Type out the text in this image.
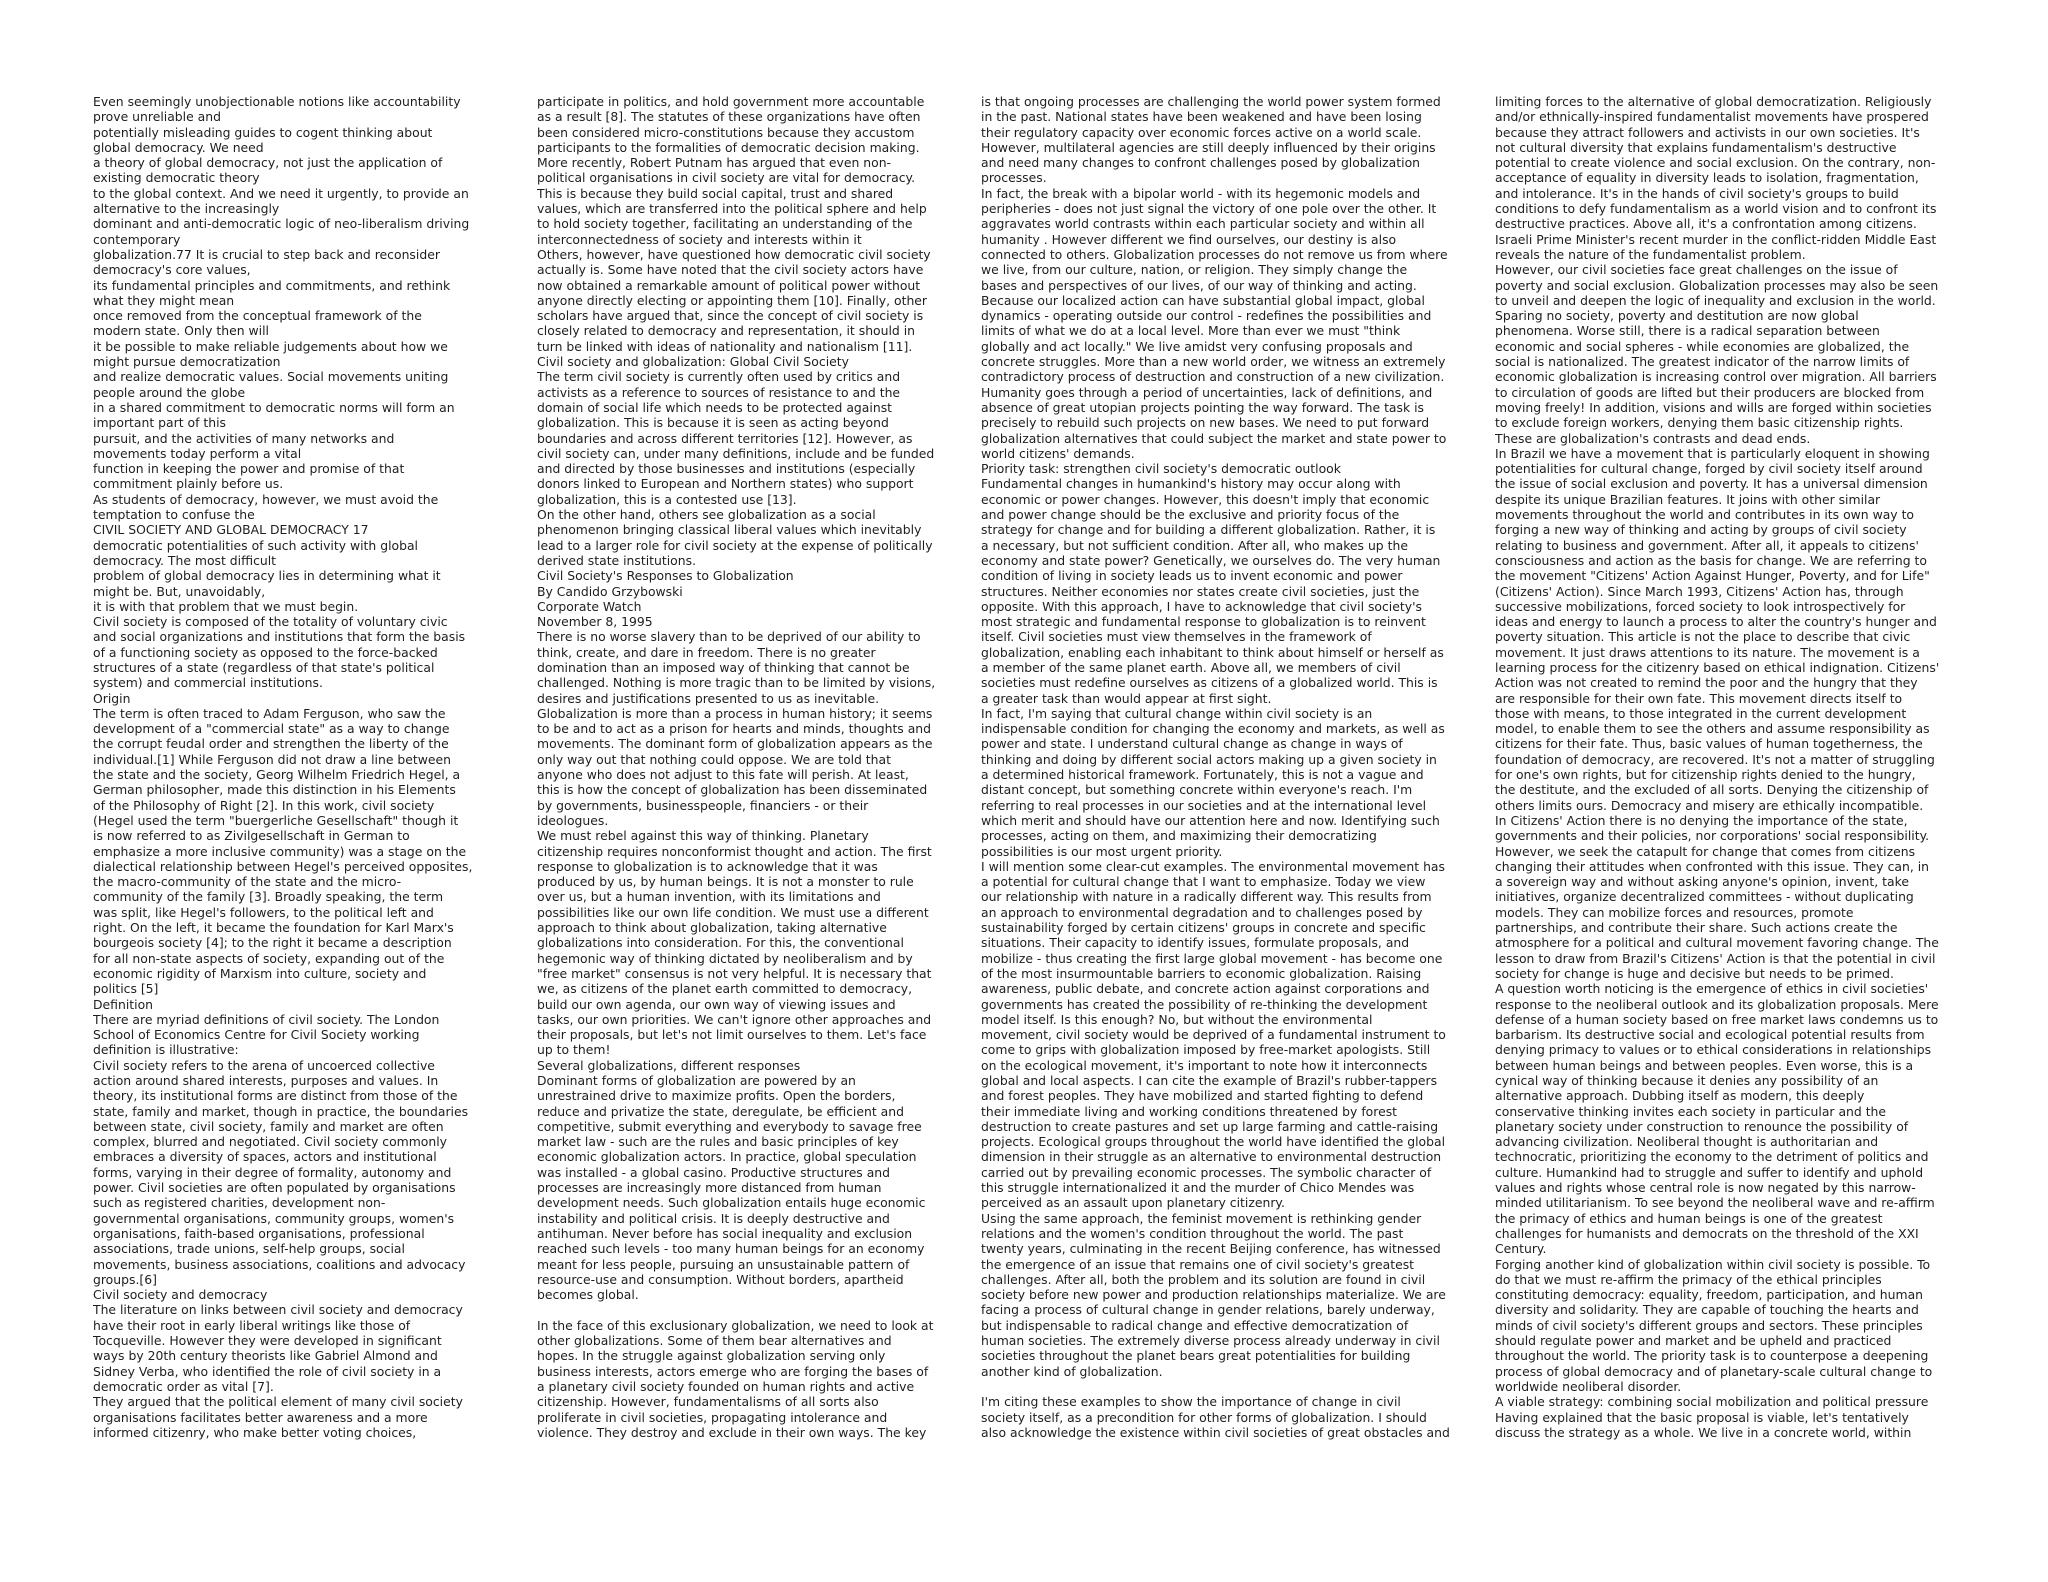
Even seemingly unobjectionable notions like accountability
prove unreliable and
potentially misleading guides to cogent thinking about
global democracy. We need
a theory of global democracy, not just the application of
existing democratic theory
to the global context. And we need it urgently, to provide an
alternative to the increasingly
dominant and anti-democratic logic of neo-liberalism driving
contemporary
globalization.77 It is crucial to step back and reconsider
democracy's core values,
its fundamental principles and commitments, and rethink
what they might mean
once removed from the conceptual framework of the
modern state. Only then will
it be possible to make reliable judgements about how we
might pursue democratization
and realize democratic values. Social movements uniting
people around the globe
in a shared commitment to democratic norms will form an
important part of this
pursuit, and the activities of many networks and
movements today perform a vital
function in keeping the power and promise of that
commitment plainly before us.
As students of democracy, however, we must avoid the
temptation to confuse the
CIVIL SOCIETY AND GLOBAL DEMOCRACY 17
democratic potentialities of such activity with global
democracy. The most difficult
problem of global democracy lies in determining what it
might be. But, unavoidably,
it is with that problem that we must begin.
Civil society is composed of the totality of voluntary civic
and social organizations and institutions that form the basis
of a functioning society as opposed to the force-backed
structures of a state (regardless of that state's political
system) and commercial institutions.
Origin
The term is often traced to Adam Ferguson, who saw the
development of a "commercial state" as a way to change
the corrupt feudal order and strengthen the liberty of the
individual.[1] While Ferguson did not draw a line between
the state and the society, Georg Wilhelm Friedrich Hegel, a
German philosopher, made this distinction in his Elements
of the Philosophy of Right [2]. In this work, civil society
(Hegel used the term "buergerliche Gesellschaft" though it
is now referred to as Zivilgesellschaft in German to
emphasize a more inclusive community) was a stage on the
dialectical relationship between Hegel's perceived opposites,
the macro-community of the state and the micro-
community of the family [3]. Broadly speaking, the term
was split, like Hegel's followers, to the political left and
right. On the left, it became the foundation for Karl Marx's
bourgeois society [4]; to the right it became a description
for all non-state aspects of society, expanding out of the
economic rigidity of Marxism into culture, society and
politics [5]
Definition
There are myriad definitions of civil society. The London
School of Economics Centre for Civil Society working
definition is illustrative:
Civil society refers to the arena of uncoerced collective
action around shared interests, purposes and values. In
theory, its institutional forms are distinct from those of the
state, family and market, though in practice, the boundaries
between state, civil society, family and market are often
complex, blurred and negotiated. Civil society commonly
embraces a diversity of spaces, actors and institutional
forms, varying in their degree of formality, autonomy and
power. Civil societies are often populated by organisations
such as registered charities, development non-
governmental organisations, community groups, women's
organisations, faith-based organisations, professional
associations, trade unions, self-help groups, social
movements, business associations, coalitions and advocacy
groups.[6]
Civil society and democracy
The literature on links between civil society and democracy
have their root in early liberal writings like those of
Tocqueville. However they were developed in significant
ways by 20th century theorists like Gabriel Almond and
Sidney Verba, who identified the role of civil society in a
democratic order as vital [7].
They argued that the political element of many civil society
organisations facilitates better awareness and a more
informed citizenry, who make better voting choices,
participate in politics, and hold government more accountable
as a result [8]. The statutes of these organizations have often
been considered micro-constitutions because they accustom
participants to the formalities of democratic decision making.
More recently, Robert Putnam has argued that even non-
political organisations in civil society are vital for democracy.
This is because they build social capital, trust and shared
values, which are transferred into the political sphere and help
to hold society together, facilitating an understanding of the
interconnectedness of society and interests within it
Others, however, have questioned how democratic civil society
actually is. Some have noted that the civil society actors have
now obtained a remarkable amount of political power without
anyone directly electing or appointing them [10]. Finally, other
scholars have argued that, since the concept of civil society is
closely related to democracy and representation, it should in
turn be linked with ideas of nationality and nationalism [11].
Civil society and globalization: Global Civil Society
The term civil society is currently often used by critics and
activists as a reference to sources of resistance to and the
domain of social life which needs to be protected against
globalization. This is because it is seen as acting beyond
boundaries and across different territories [12]. However, as
civil society can, under many definitions, include and be funded
and directed by those businesses and institutions (especially
donors linked to European and Northern states) who support
globalization, this is a contested use [13].
On the other hand, others see globalization as a social
phenomenon bringing classical liberal values which inevitably
lead to a larger role for civil society at the expense of politically
derived state institutions.
Civil Society's Responses to Globalization
By Candido Grzybowski
Corporate Watch
November 8, 1995
There is no worse slavery than to be deprived of our ability to
think, create, and dare in freedom. There is no greater
domination than an imposed way of thinking that cannot be
challenged. Nothing is more tragic than to be limited by visions,
desires and justifications presented to us as inevitable.
Globalization is more than a process in human history; it seems
to be and to act as a prison for hearts and minds, thoughts and
movements. The dominant form of globalization appears as the
only way out that nothing could oppose. We are told that
anyone who does not adjust to this fate will perish. At least,
this is how the concept of globalization has been disseminated
by governments, businesspeople, financiers - or their
ideologues.
We must rebel against this way of thinking. Planetary
citizenship requires nonconformist thought and action. The first
response to globalization is to acknowledge that it was
produced by us, by human beings. It is not a monster to rule
over us, but a human invention, with its limitations and
possibilities like our own life condition. We must use a different
approach to think about globalization, taking alternative
globalizations into consideration. For this, the conventional
hegemonic way of thinking dictated by neoliberalism and by
"free market" consensus is not very helpful. It is necessary that
we, as citizens of the planet earth committed to democracy,
build our own agenda, our own way of viewing issues and
tasks, our own priorities. We can't ignore other approaches and
their proposals, but let's not limit ourselves to them. Let's face
up to them!
Several globalizations, different responses
Dominant forms of globalization are powered by an
unrestrained drive to maximize profits. Open the borders,
reduce and privatize the state, deregulate, be efficient and
competitive, submit everything and everybody to savage free
market law - such are the rules and basic principles of key
economic globalization actors. In practice, global speculation
was installed - a global casino. Productive structures and
processes are increasingly more distanced from human
development needs. Such globalization entails huge economic
instability and political crisis. It is deeply destructive and
antihuman. Never before has social inequality and exclusion
reached such levels - too many human beings for an economy
meant for less people, pursuing an unsustainable pattern of
resource-use and consumption. Without borders, apartheid
becomes global.
In the face of this exclusionary globalization, we need to look at
other globalizations. Some of them bear alternatives and
hopes. In the struggle against globalization serving only
business interests, actors emerge who are forging the bases of
a planetary civil society founded on human rights and active
citizenship. However, fundamentalisms of all sorts also
proliferate in civil societies, propagating intolerance and
violence. They destroy and exclude in their own ways. The key
is that ongoing processes are challenging the world power system formed
in the past. National states have been weakened and have been losing
their regulatory capacity over economic forces active on a world scale.
However, multilateral agencies are still deeply influenced by their origins
and need many changes to confront challenges posed by globalization
processes.
In fact, the break with a bipolar world - with its hegemonic models and
peripheries - does not just signal the victory of one pole over the other. It
aggravates world contrasts within each particular society and within all
humanity . However different we find ourselves, our destiny is also
connected to others. Globalization processes do not remove us from where
we live, from our culture, nation, or religion. They simply change the
bases and perspectives of our lives, of our way of thinking and acting.
Because our localized action can have substantial global impact, global
dynamics - operating outside our control - redefines the possibilities and
limits of what we do at a local level. More than ever we must "think
globally and act locally." We live amidst very confusing proposals and
concrete struggles. More than a new world order, we witness an extremely
contradictory process of destruction and construction of a new civilization.
Humanity goes through a period of uncertainties, lack of definitions, and
absence of great utopian projects pointing the way forward. The task is
precisely to rebuild such projects on new bases. We need to put forward
globalization alternatives that could subject the market and state power to
world citizens' demands.
Priority task: strengthen civil society's democratic outlook
Fundamental changes in humankind's history may occur along with
economic or power changes. However, this doesn't imply that economic
and power change should be the exclusive and priority focus of the
strategy for change and for building a different globalization. Rather, it is
a necessary, but not sufficient condition. After all, who makes up the
economy and state power? Genetically, we ourselves do. The very human
condition of living in society leads us to invent economic and power
structures. Neither economies nor states create civil societies, just the
opposite. With this approach, I have to acknowledge that civil society's
most strategic and fundamental response to globalization is to reinvent
itself. Civil societies must view themselves in the framework of
globalization, enabling each inhabitant to think about himself or herself as
a member of the same planet earth. Above all, we members of civil
societies must redefine ourselves as citizens of a globalized world. This is
a greater task than would appear at first sight.
In fact, I'm saying that cultural change within civil society is an
indispensable condition for changing the economy and markets, as well as
power and state. I understand cultural change as change in ways of
thinking and doing by different social actors making up a given society in
a determined historical framework. Fortunately, this is not a vague and
distant concept, but something concrete within everyone's reach. I'm
referring to real processes in our societies and at the international level
which merit and should have our attention here and now. Identifying such
processes, acting on them, and maximizing their democratizing
possibilities is our most urgent priority.
I will mention some clear-cut examples. The environmental movement has
a potential for cultural change that I want to emphasize. Today we view
our relationship with nature in a radically different way. This results from
an approach to environmental degradation and to challenges posed by
sustainability forged by certain citizens' groups in concrete and specific
situations. Their capacity to identify issues, formulate proposals, and
mobilize - thus creating the first large global movement - has become one
of the most insurmountable barriers to economic globalization. Raising
awareness, public debate, and concrete action against corporations and
governments has created the possibility of re-thinking the development
model itself. Is this enough? No, but without the environmental
movement, civil society would be deprived of a fundamental instrument to
come to grips with globalization imposed by free-market apologists. Still
on the ecological movement, it's important to note how it interconnects
global and local aspects. I can cite the example of Brazil's rubber-tappers
and forest peoples. They have mobilized and started fighting to defend
their immediate living and working conditions threatened by forest
destruction to create pastures and set up large farming and cattle-raising
projects. Ecological groups throughout the world have identified the global
dimension in their struggle as an alternative to environmental destruction
carried out by prevailing economic processes. The symbolic character of
this struggle internationalized it and the murder of Chico Mendes was
perceived as an assault upon planetary citizenry.
Using the same approach, the feminist movement is rethinking gender
relations and the women's condition throughout the world. The past
twenty years, culminating in the recent Beijing conference, has witnessed
the emergence of an issue that remains one of civil society's greatest
challenges. After all, both the problem and its solution are found in civil
society before new power and production relationships materialize. We are
facing a process of cultural change in gender relations, barely underway,
but indispensable to radical change and effective democratization of
human societies. The extremely diverse process already underway in civil
societies throughout the planet bears great potentialities for building
another kind of globalization.
I'm citing these examples to show the importance of change in civil
society itself, as a precondition for other forms of globalization. I should
also acknowledge the existence within civil societies of great obstacles and
limiting forces to the alternative of global democratization. Religiously
and/or ethnically-inspired fundamentalist movements have prospered
because they attract followers and activists in our own societies. It's
not cultural diversity that explains fundamentalism's destructive
potential to create violence and social exclusion. On the contrary, non-
acceptance of equality in diversity leads to isolation, fragmentation,
and intolerance. It's in the hands of civil society's groups to build
conditions to defy fundamentalism as a world vision and to confront its
destructive practices. Above all, it's a confrontation among citizens.
Israeli Prime Minister's recent murder in the conflict-ridden Middle East
reveals the nature of the fundamentalist problem.
However, our civil societies face great challenges on the issue of
poverty and social exclusion. Globalization processes may also be seen
to unveil and deepen the logic of inequality and exclusion in the world.
Sparing no society, poverty and destitution are now global
phenomena. Worse still, there is a radical separation between
economic and social spheres - while economies are globalized, the
social is nationalized. The greatest indicator of the narrow limits of
economic globalization is increasing control over migration. All barriers
to circulation of goods are lifted but their producers are blocked from
moving freely! In addition, visions and wills are forged within societies
to exclude foreign workers, denying them basic citizenship rights.
These are globalization's contrasts and dead ends.
In Brazil we have a movement that is particularly eloquent in showing
potentialities for cultural change, forged by civil society itself around
the issue of social exclusion and poverty. It has a universal dimension
despite its unique Brazilian features. It joins with other similar
movements throughout the world and contributes in its own way to
forging a new way of thinking and acting by groups of civil society
relating to business and government. After all, it appeals to citizens'
consciousness and action as the basis for change. We are referring to
the movement "Citizens' Action Against Hunger, Poverty, and for Life"
(Citizens' Action). Since March 1993, Citizens' Action has, through
successive mobilizations, forced society to look introspectively for
ideas and energy to launch a process to alter the country's hunger and
poverty situation. This article is not the place to describe that civic
movement. It just draws attentions to its nature. The movement is a
learning process for the citizenry based on ethical indignation. Citizens'
Action was not created to remind the poor and the hungry that they
are responsible for their own fate. This movement directs itself to
those with means, to those integrated in the current development
model, to enable them to see the others and assume responsibility as
citizens for their fate. Thus, basic values of human togetherness, the
foundation of democracy, are recovered. It's not a matter of struggling
for one's own rights, but for citizenship rights denied to the hungry,
the destitute, and the excluded of all sorts. Denying the citizenship of
others limits ours. Democracy and misery are ethically incompatible.
In Citizens' Action there is no denying the importance of the state,
governments and their policies, nor corporations' social responsibility.
However, we seek the catapult for change that comes from citizens
changing their attitudes when confronted with this issue. They can, in
a sovereign way and without asking anyone's opinion, invent, take
initiatives, organize decentralized committees - without duplicating
models. They can mobilize forces and resources, promote
partnerships, and contribute their share. Such actions create the
atmosphere for a political and cultural movement favoring change. The
lesson to draw from Brazil's Citizens' Action is that the potential in civil
society for change is huge and decisive but needs to be primed.
A question worth noticing is the emergence of ethics in civil societies'
response to the neoliberal outlook and its globalization proposals. Mere
defense of a human society based on free market laws condemns us to
barbarism. Its destructive social and ecological potential results from
denying primacy to values or to ethical considerations in relationships
between human beings and between peoples. Even worse, this is a
cynical way of thinking because it denies any possibility of an
alternative approach. Dubbing itself as modern, this deeply
conservative thinking invites each society in particular and the
planetary society under construction to renounce the possibility of
advancing civilization. Neoliberal thought is authoritarian and
technocratic, prioritizing the economy to the detriment of politics and
culture. Humankind had to struggle and suffer to identify and uphold
values and rights whose central role is now negated by this narrow-
minded utilitarianism. To see beyond the neoliberal wave and re-affirm
the primacy of ethics and human beings is one of the greatest
challenges for humanists and democrats on the threshold of the XXI
Century.
Forging another kind of globalization within civil society is possible. To
do that we must re-affirm the primacy of the ethical principles
constituting democracy: equality, freedom, participation, and human
diversity and solidarity. They are capable of touching the hearts and
minds of civil society's different groups and sectors. These principles
should regulate power and market and be upheld and practiced
throughout the world. The priority task is to counterpose a deepening
process of global democracy and of planetary-scale cultural change to
worldwide neoliberal disorder.
A viable strategy: combining social mobilization and political pressure
Having explained that the basic proposal is viable, let's tentatively
discuss the strategy as a whole. We live in a concrete world, within
